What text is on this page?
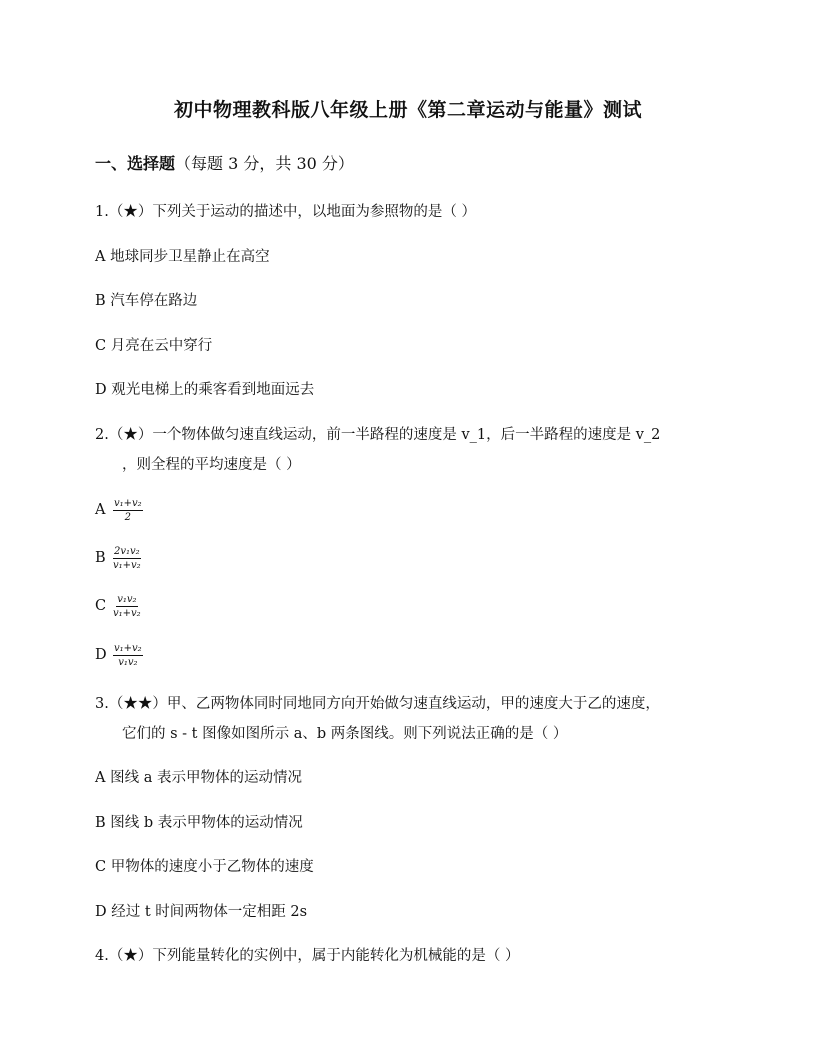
初中物理教科版八年级上册《第二章运动与能量》测试
一、选择题（每题 3 分，共 30 分）
1.（★）下列关于运动的描述中，以地面为参照物的是（ ）
A 地球同步卫星静止在高空
B 汽车停在路边
C 月亮在云中穿行
D 观光电梯上的乘客看到地面远去
2.（★）一个物体做匀速直线运动，前一半路程的速度是 v_1，后一半路程的速度是 v_2
，则全程的平均速度是（ ）
A $\frac{\text{v₁+v₂}}{2}$
B $\frac{\text{2v₁v₂}}{\text{v₁+v₂}}$
C $\frac{\text{v₁v₂}}{\text{v₁+v₂}}$
D $\frac{\text{v₁+v₂}}{\text{v₁v₂}}$
3.（★★）甲、乙两物体同时同地同方向开始做匀速直线运动，甲的速度大于乙的速度，
它们的 s - t 图像如图所示 a、b 两条图线。则下列说法正确的是（ ）
A 图线 a 表示甲物体的运动情况
B 图线 b 表示甲物体的运动情况
C 甲物体的速度小于乙物体的速度
D 经过 t 时间两物体一定相距 2s
4.（★）下列能量转化的实例中，属于内能转化为机械能的是（ ）
